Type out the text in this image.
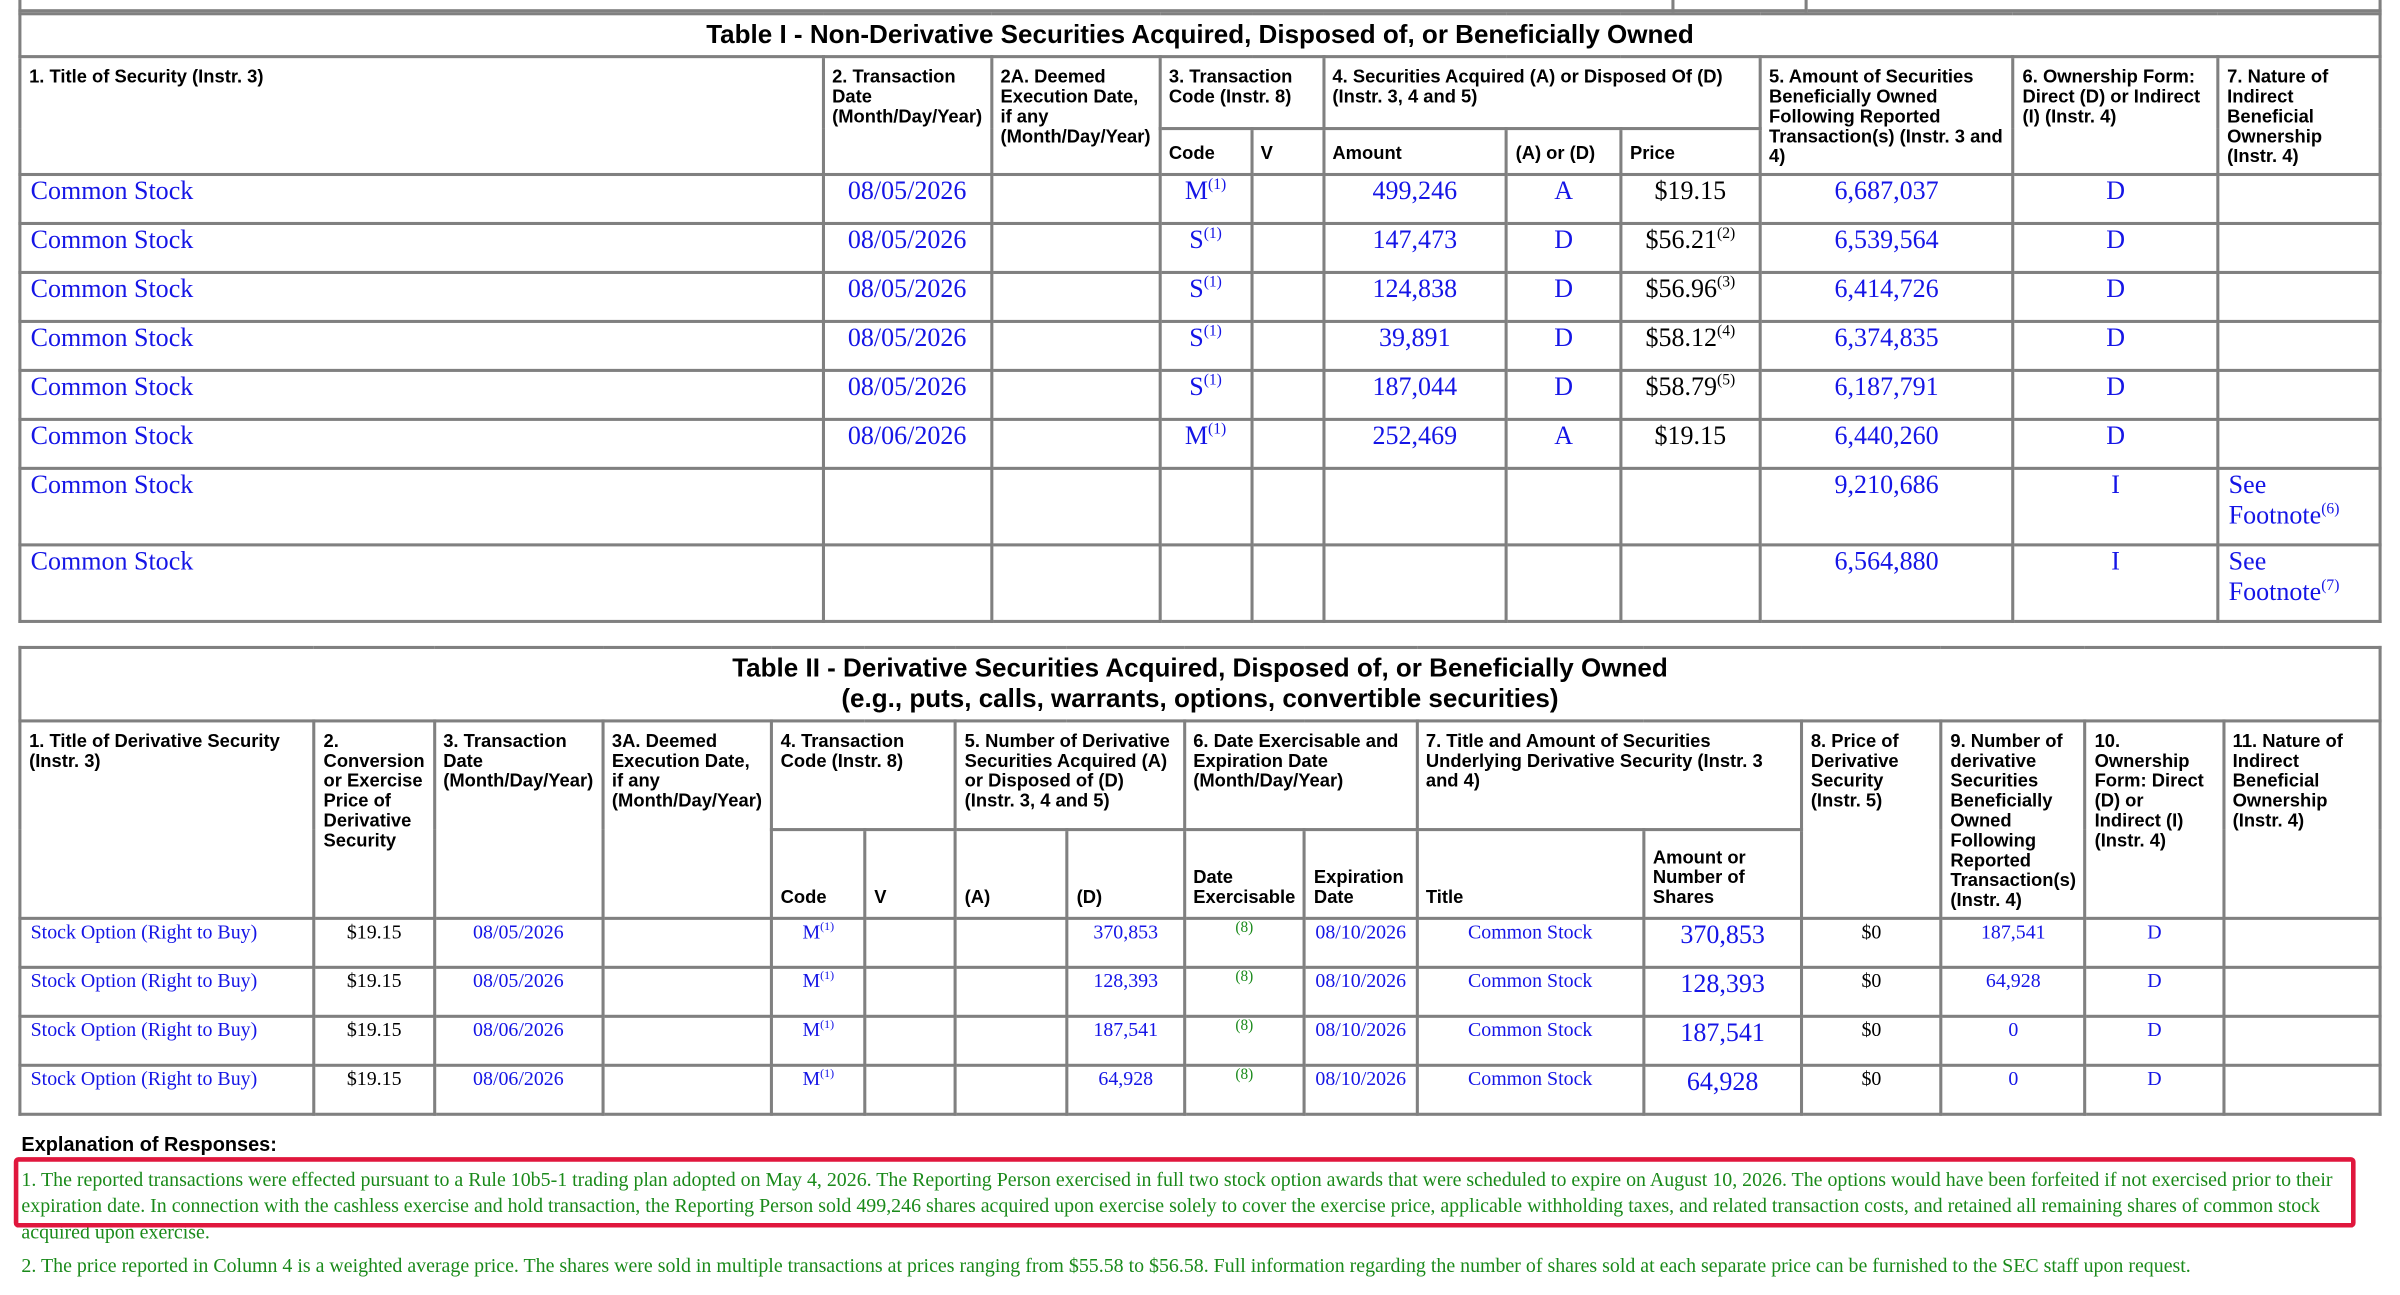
Table I - Non-Derivative Securities Acquired, Disposed of, or Beneficially Owned										
1. Title of Security (Instr. 3)	2. Transaction Date (Month/Day/Year)	2A. Deemed Execution Date, if any (Month/Day/Year)	3. Transaction Code (Instr. 8)		4. Securities Acquired (A) or Disposed Of (D) (Instr. 3, 4 and 5)			5. Amount of Securities Beneficially Owned Following Reported Transaction(s) (Instr. 3 and 4)	6. Ownership Form: Direct (D) or Indirect (I) (Instr. 4)	7. Nature of Indirect Beneficial Ownership (Instr. 4)
			Code	V	Amount	(A) or (D)	Price			
Common Stock	08/05/2026		$M^{(1)}$		499,246	A	$19.15	6,687,037	D	
Common Stock	08/05/2026		$S^{(1)}$		147,473	D	$56.21$^{(2)}$	6,539,564	D	
Common Stock	08/05/2026		$S^{(1)}$		124,838	D	$56.96$^{(3)}$	6,414,726	D	
Common Stock	08/05/2026		$S^{(1)}$		39,891	D	$58.12$^{(4)}$	6,374,835	D	
Common Stock	08/05/2026		$S^{(1)}$		187,044	D	$58.79$^{(5)}$	6,187,791	D	
Common Stock	08/06/2026		$M^{(1)}$		252,469	A	$19.15	6,440,260	D	
Common Stock								9,210,686	I	See Footnote$^{(6)}$
Common Stock								6,564,880	I	See Footnote$^{(7)}$
Table II - Derivative Securities Acquired, Disposed of, or Beneficially Owned
(e.g., puts, calls, warrants, options, convertible securities)															

1. Title of Derivative Security (Instr. 3)	2. Conversion or Exercise Price of Derivative Security	3. Transaction Date (Month/Day/Year)	3A. Deemed Execution Date, if any (Month/Day/Year)	4. Transaction Code (Instr. 8)		5. Number of Derivative Securities Acquired (A) or Disposed of (D) (Instr. 3, 4 and 5)		6. Date Exercisable and Expiration Date (Month/Day/Year)		7. Title and Amount of Securities Underlying Derivative Security (Instr. 3 and 4)		8. Price of Derivative Security (Instr. 5)	9. Number of derivative Securities Beneficially Owned Following Reported Transaction(s) (Instr. 4)	10. Ownership Form: Direct (D) or Indirect (I) (Instr. 4)	11. Nature of Indirect Beneficial Ownership (Instr. 4)
				Code	V	(A)	(D)	Date Exercisable	Expiration Date	Title	Amount or Number of Shares				
Stock Option (Right to Buy)	$19.15	08/05/2026		$M^{(1)}$			370,853	(8)	08/10/2026	Common Stock	370,853	$0	187,541	D	
Stock Option (Right to Buy)	$19.15	08/05/2026		$M^{(1)}$			128,393	(8)	08/10/2026	Common Stock	128,393	$0	64,928	D	
Stock Option (Right to Buy)	$19.15	08/06/2026		$M^{(1)}$			187,541	(8)	08/10/2026	Common Stock	187,541	$0	0	D	
Stock Option (Right to Buy)	$19.15	08/06/2026		$M^{(1)}$			64,928	(8)	08/10/2026	Common Stock	64,928	$0	0	D	
Explanation of Responses:
1. The reported transactions were effected pursuant to a Rule 10b5-1 trading plan adopted on May 4, 2026. The Reporting Person exercised in full two stock option awards that were scheduled to expire on August 10, 2026. The options would have been forfeited if not exercised prior to their expiration date. In connection with the cashless exercise and hold transaction, the Reporting Person sold 499,246 shares acquired upon exercise solely to cover the exercise price, applicable withholding taxes, and related transaction costs, and retained all remaining shares of common stock acquired upon exercise.
2. The price reported in Column 4 is a weighted average price. The shares were sold in multiple transactions at prices ranging from $55.58 to $56.58. Full information regarding the number of shares sold at each separate price can be furnished to the SEC staff upon request.
